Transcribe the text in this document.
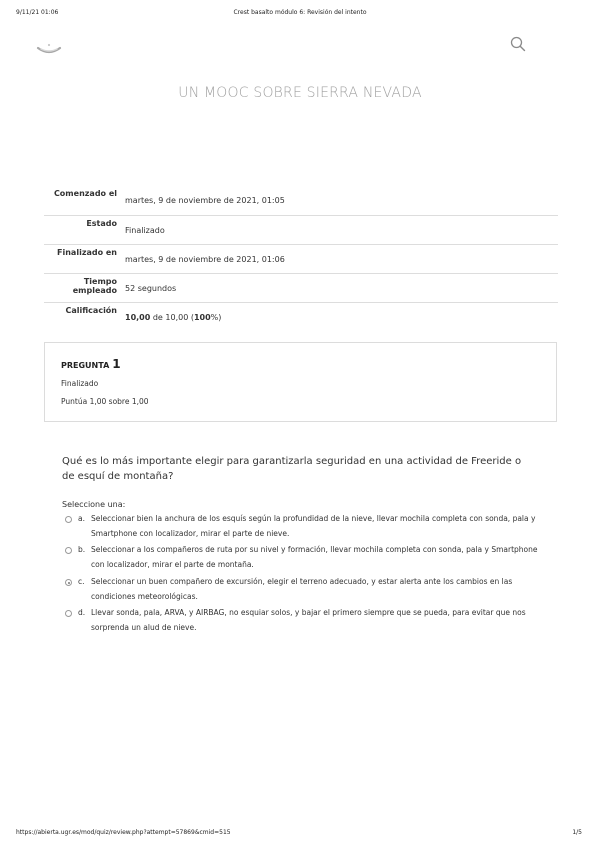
9/11/21 01:06	Crest basalto módulo 6: Revisión del intento
UN MOOC SOBRE SIERRA NEVADA
Comenzado el	martes, 9 de noviembre de 2021, 01:05
Estado	Finalizado
Finalizado en	martes, 9 de noviembre de 2021, 01:06
Tiempo empleado	52 segundos
Calificación	10,00 de 10,00 (100%)
PREGUNTA 1
Finalizado
Puntúa 1,00 sobre 1,00
Qué es lo más importante elegir para garantizarla seguridad en una actividad de Freeride o de esquí de montaña?
Seleccione una:
a. Seleccionar bien la anchura de los esquís según la profundidad de la nieve, llevar mochila completa con sonda, pala y Smartphone con localizador, mirar el parte de nieve.
b. Seleccionar a los compañeros de ruta por su nivel y formación, llevar mochila completa con sonda, pala y Smartphone con localizador, mirar el parte de montaña.
c. Seleccionar un buen compañero de excursión, elegir el terreno adecuado, y estar alerta ante los cambios en las condiciones meteorológicas.
d. Llevar sonda, pala, ARVA, y AIRBAG, no esquiar solos, y bajar el primero siempre que se pueda, para evitar que nos sorprenda un alud de nieve.
https://abierta.ugr.es/mod/quiz/review.php?attempt=57869&cmid=515	1/5
